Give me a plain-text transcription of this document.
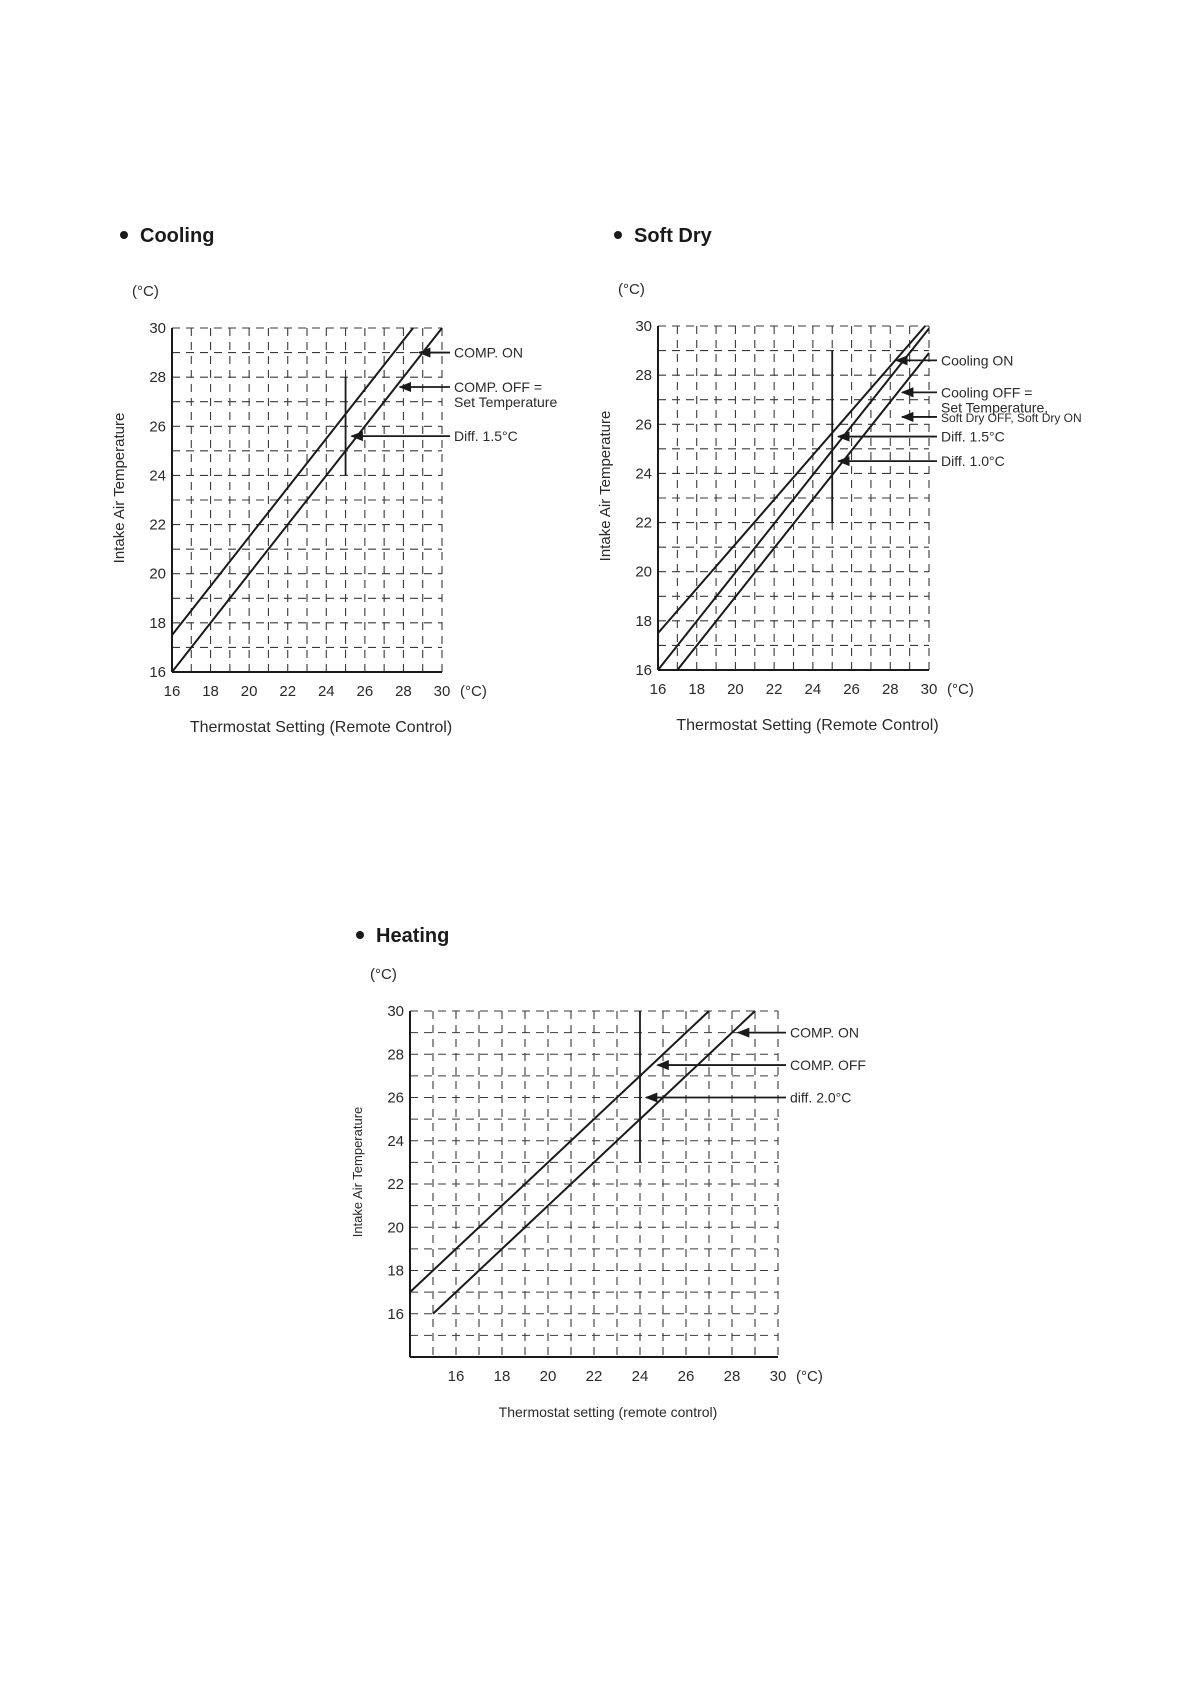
Cooling	Soft Dry
Heating
16 18 20 22 24 26 28 30 (°C)
16
18
20
22
24
26
28
30
(°C)
Thermostat Setting (Remote Control)
Intake Air Temperature
COMP. ON
COMP. OFF =
Set Temperature
Diff. 1.5°C
16 18 20 22 24 26 28 30 (°C)
16
18
20
22
24
26
28
30
(°C)
Thermostat Setting (Remote Control)
Intake Air Temperature
Cooling ON
Cooling OFF =
Set Temperature,
Soft Dry OFF, Soft Dry ON
Diff. 1.5°C
Diff. 1.0°C
16 18 20 22 24 26 28 30 (°C)
16
18
20
22
24
26
28
30
(°C)
Thermostat setting (remote control)
Intake Air Temperature
COMP. ON
COMP. OFF
diff. 2.0°C
